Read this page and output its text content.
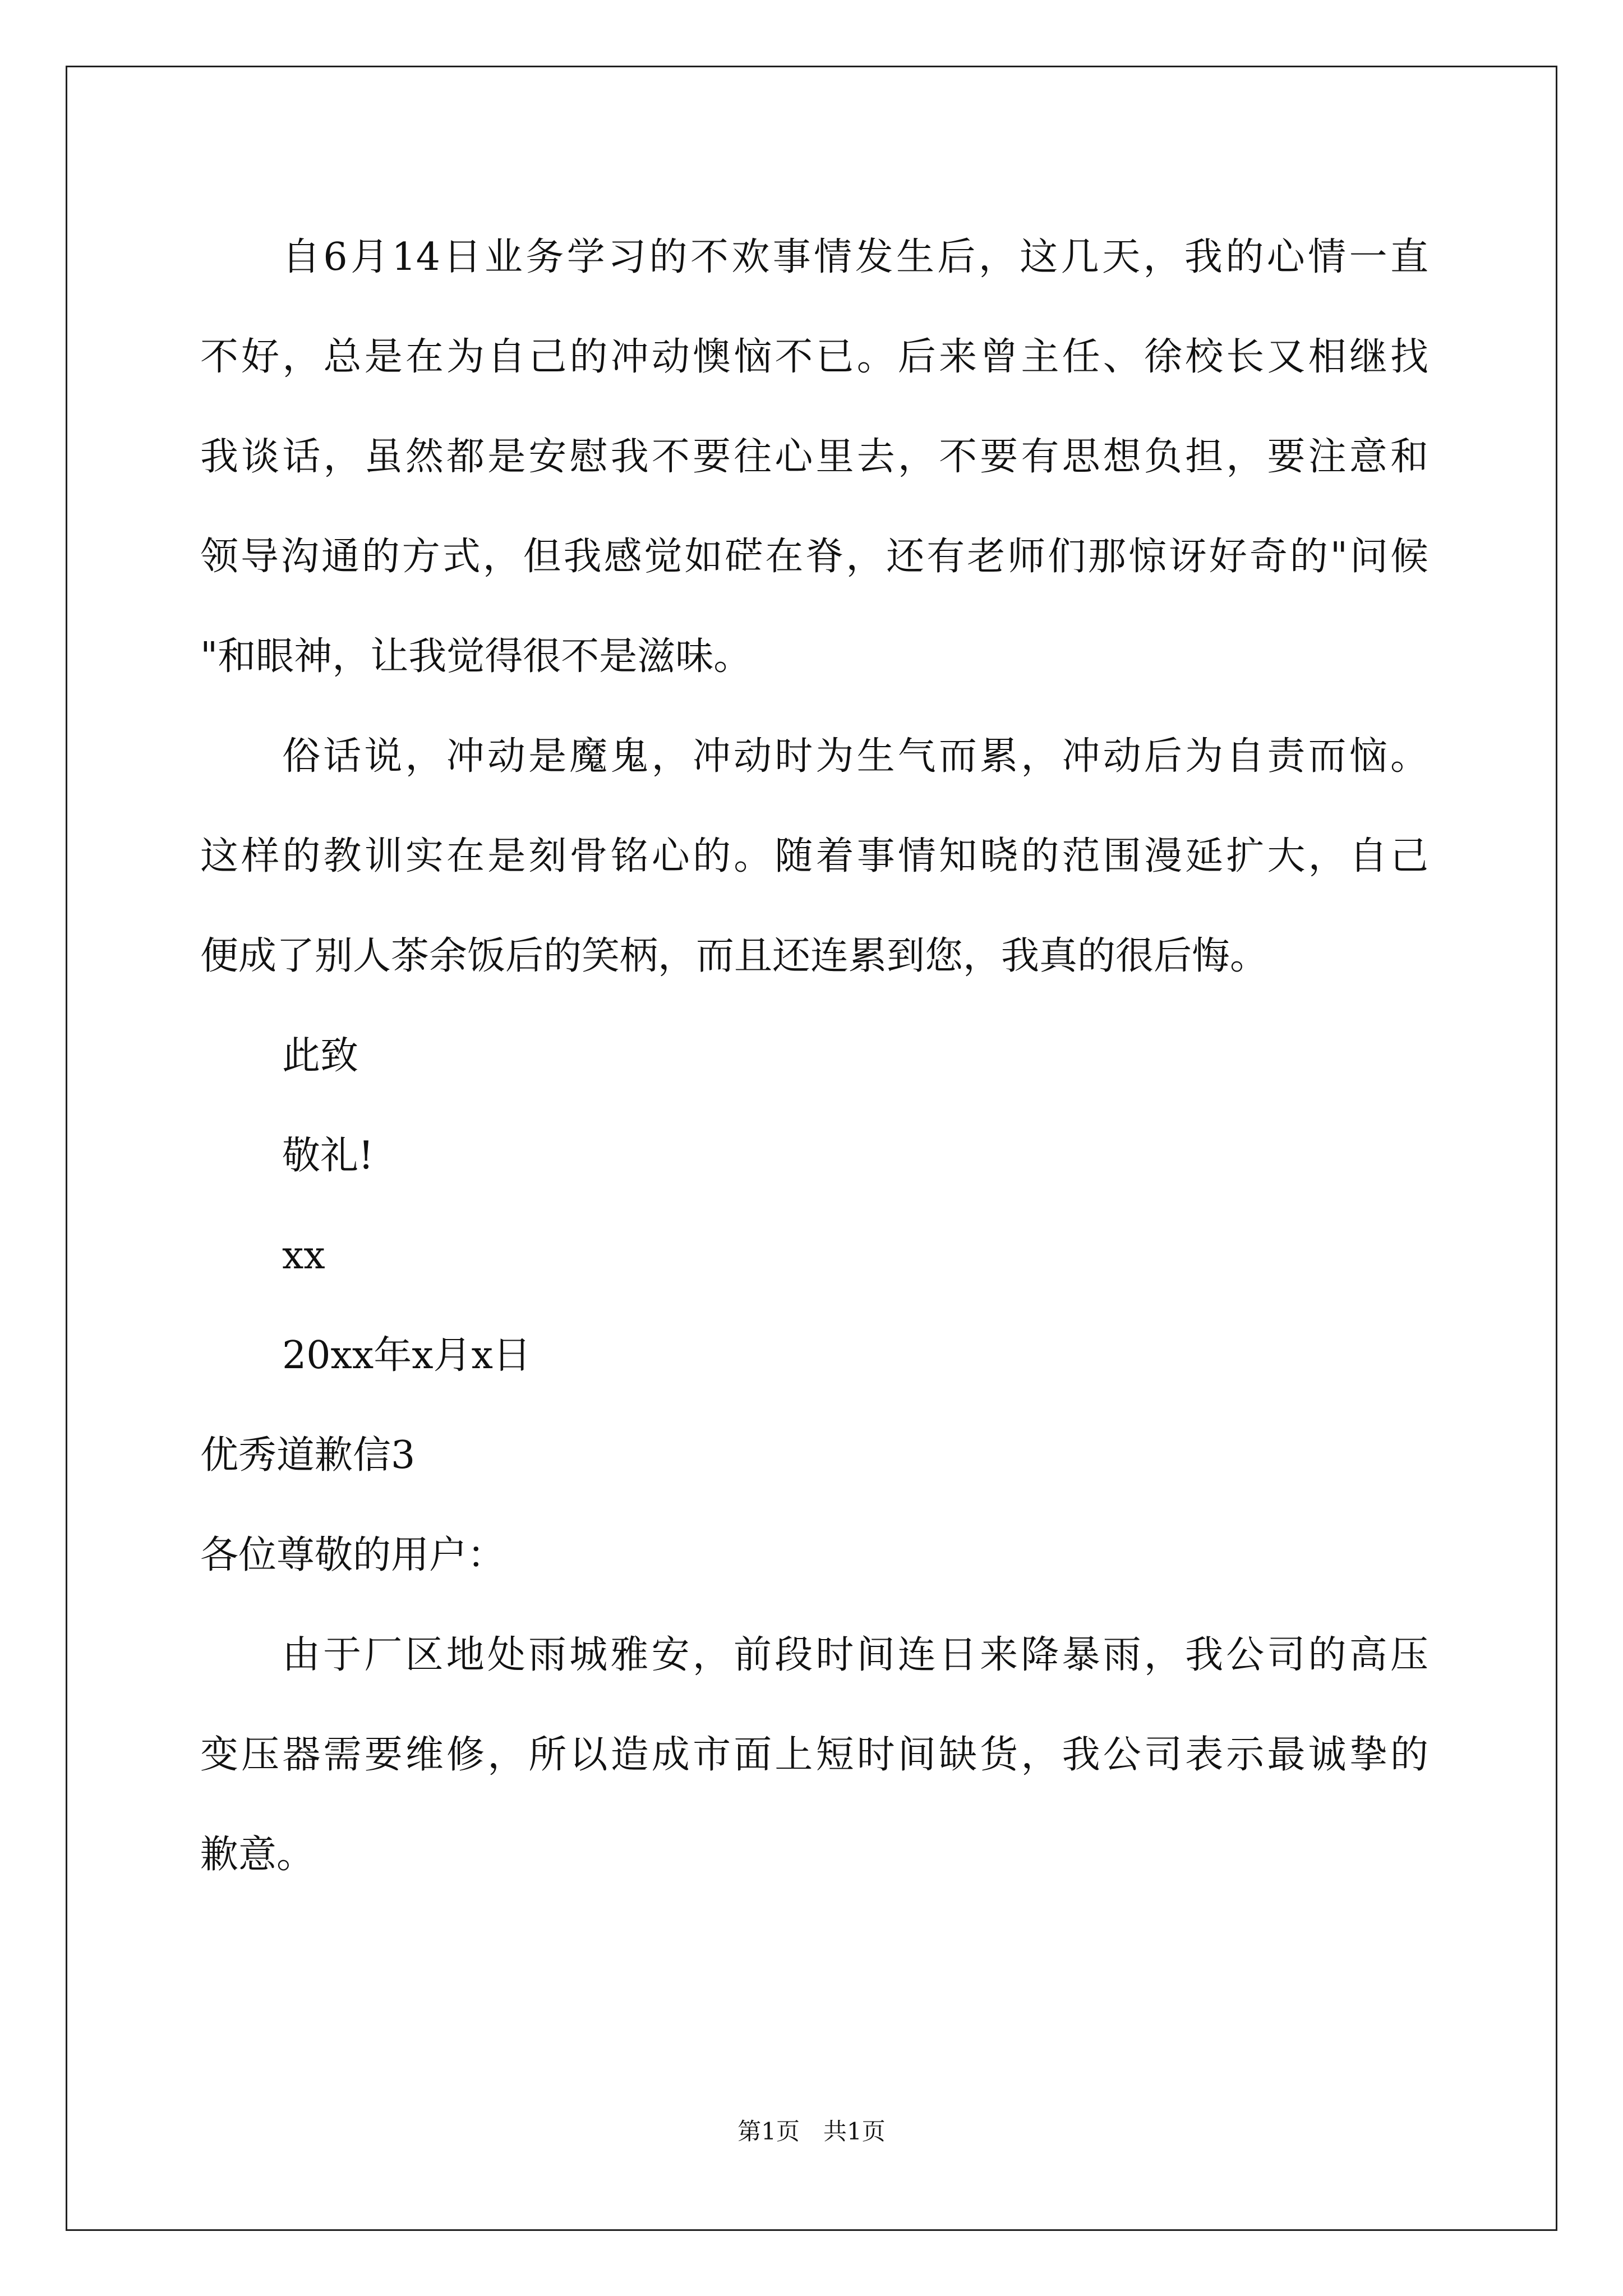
自6月14日业务学习的不欢事情发生后，这几天，我的心情一直
不好，总是在为自己的冲动懊恼不已。后来曾主任、徐校长又相继找
我谈话，虽然都是安慰我不要往心里去，不要有思想负担，要注意和
领导沟通的方式，但我感觉如硭在脊，还有老师们那惊讶好奇的"问候
"和眼神，让我觉得很不是滋味。
俗话说，冲动是魔鬼，冲动时为生气而累，冲动后为自责而恼。
这样的教训实在是刻骨铭心的。随着事情知晓的范围漫延扩大，自己
便成了别人茶余饭后的笑柄，而且还连累到您，我真的很后悔。
此致
敬礼!
xx
20xx年x月x日
优秀道歉信3
各位尊敬的用户：
由于厂区地处雨城雅安，前段时间连日来降暴雨，我公司的高压
变压器需要维修，所以造成市面上短时间缺货，我公司表示最诚挚的
歉意。
第1页　共1页
